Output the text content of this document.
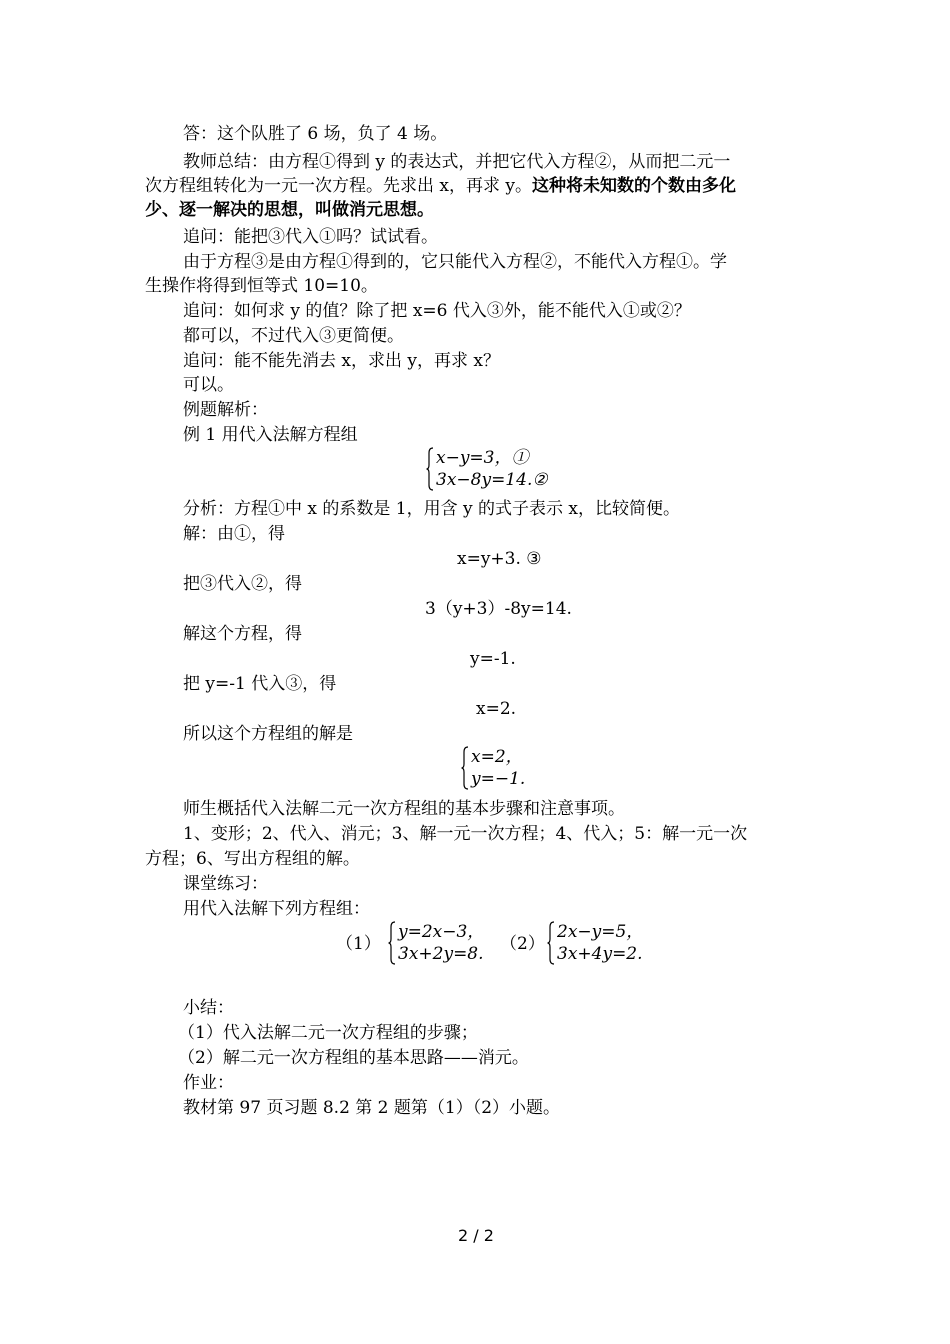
答：这个队胜了 6 场，负了 4 场。
教师总结：由方程①得到 y 的表达式，并把它代入方程②，从而把二元一
次方程组转化为一元一次方程。先求出 x，再求 y。这种将未知数的个数由多化
少、逐一解决的思想，叫做消元思想。
追问：能把③代入①吗？试试看。
由于方程③是由方程①得到的，它只能代入方程②，不能代入方程①。学
生操作将得到恒等式 10=10。
追问：如何求 y 的值？除了把 x=6 代入③外，能不能代入①或②？
都可以，不过代入③更简便。
追问：能不能先消去 x，求出 y，再求 x？
可以。
例题解析：
例 1 用代入法解方程组
x−y=3，①
3x−8y=14.②
分析：方程①中 x 的系数是 1，用含 y 的式子表示 x，比较简便。
解：由①，得
x=y+3. ③
把③代入②，得
3（y+3）-8y=14.
解这个方程，得
y=-1.
把 y=-1 代入③，得
x=2.
所以这个方程组的解是
x=2，
y=−1.
师生概括代入法解二元一次方程组的基本步骤和注意事项。
1、变形；2、代入、消元；3、解一元一次方程；4、代入；5：解一元一次
方程；6、写出方程组的解。
课堂练习：
用代入法解下列方程组：
（1）
y=2x−3，
3x+2y=8. （2）
2x−y=5，
3x+4y=2.
小结：
（1）代入法解二元一次方程组的步骤；
（2）解二元一次方程组的基本思路——消元。
作业：
教材第 97 页习题 8.2 第 2 题第（1）（2）小题。
2 / 2
